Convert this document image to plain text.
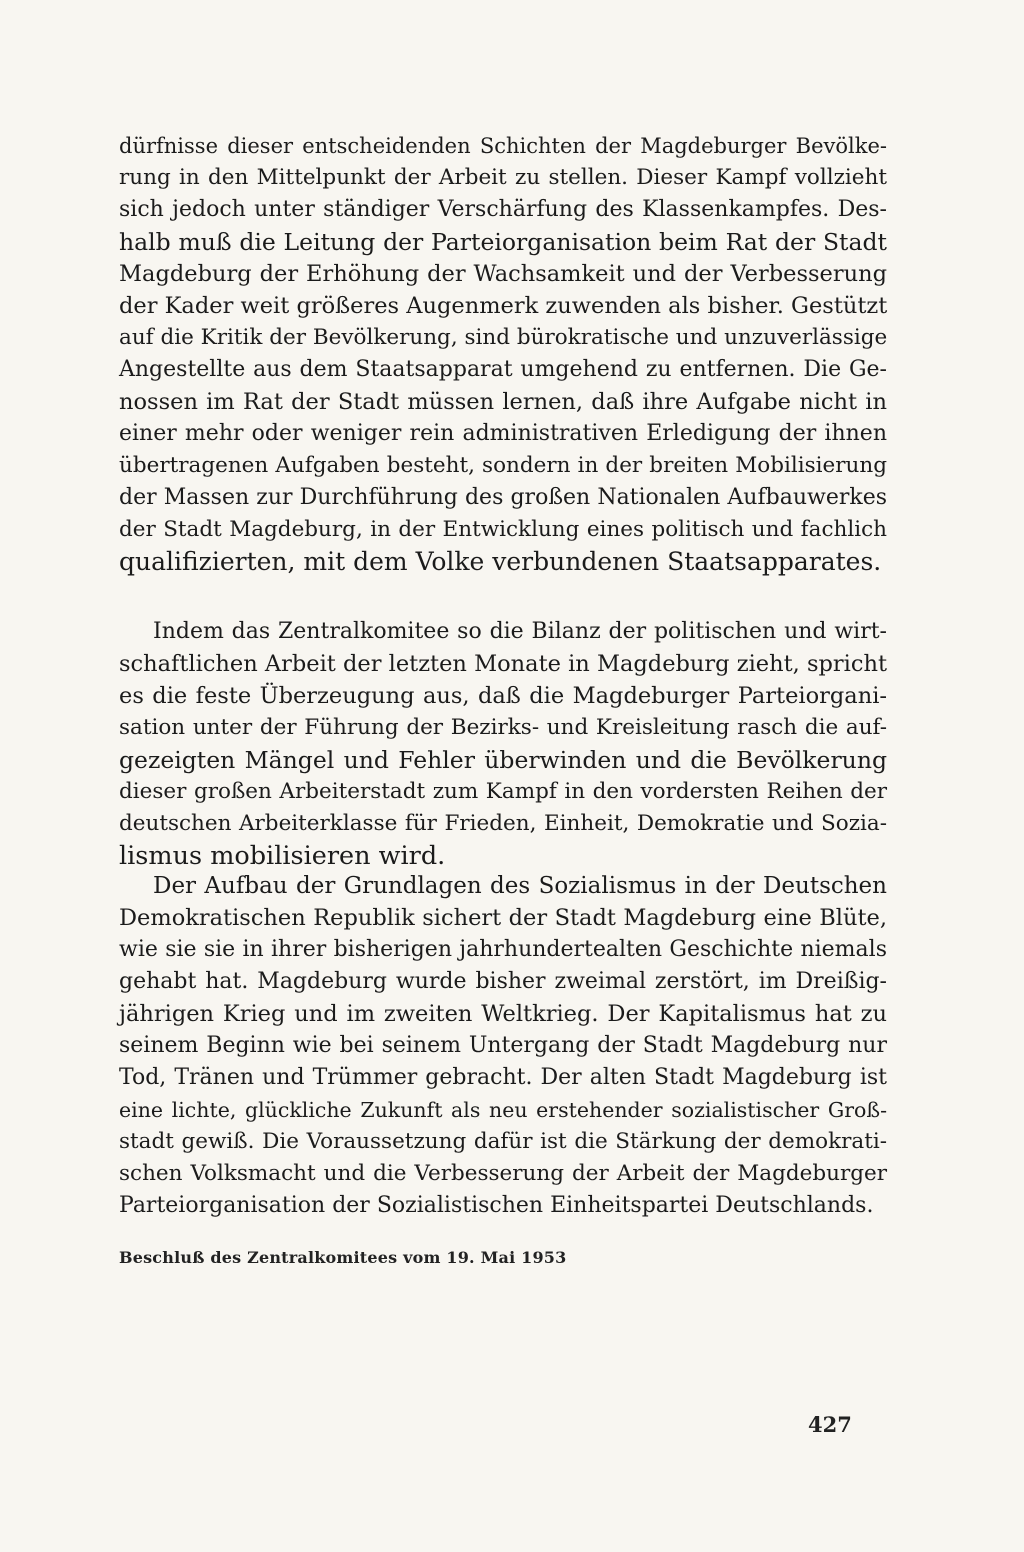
dürfnisse dieser entscheidenden Schichten der Magdeburger Bevölke-
rung in den Mittelpunkt der Arbeit zu stellen. Dieser Kampf vollzieht
sich jedoch unter ständiger Verschärfung des Klassenkampfes. Des-
halb muß die Leitung der Parteiorganisation beim Rat der Stadt
Magdeburg der Erhöhung der Wachsamkeit und der Verbesserung
der Kader weit größeres Augenmerk zuwenden als bisher. Gestützt
auf die Kritik der Bevölkerung, sind bürokratische und unzuverlässige
Angestellte aus dem Staatsapparat umgehend zu entfernen. Die Ge-
nossen im Rat der Stadt müssen lernen, daß ihre Aufgabe nicht in
einer mehr oder weniger rein administrativen Erledigung der ihnen
übertragenen Aufgaben besteht, sondern in der breiten Mobilisierung
der Massen zur Durchführung des großen Nationalen Aufbauwerkes
der Stadt Magdeburg, in der Entwicklung eines politisch und fachlich
qualifizierten, mit dem Volke verbundenen Staatsapparates.
Indem das Zentralkomitee so die Bilanz der politischen und wirt-
schaftlichen Arbeit der letzten Monate in Magdeburg zieht, spricht
es die feste Überzeugung aus, daß die Magdeburger Parteiorgani-
sation unter der Führung der Bezirks- und Kreisleitung rasch die auf-
gezeigten Mängel und Fehler überwinden und die Bevölkerung
dieser großen Arbeiterstadt zum Kampf in den vordersten Reihen der
deutschen Arbeiterklasse für Frieden, Einheit, Demokratie und Sozia-
lismus mobilisieren wird.
Der Aufbau der Grundlagen des Sozialismus in der Deutschen
Demokratischen Republik sichert der Stadt Magdeburg eine Blüte,
wie sie sie in ihrer bisherigen jahrhundertealten Geschichte niemals
gehabt hat. Magdeburg wurde bisher zweimal zerstört, im Dreißig-
jährigen Krieg und im zweiten Weltkrieg. Der Kapitalismus hat zu
seinem Beginn wie bei seinem Untergang der Stadt Magdeburg nur
Tod, Tränen und Trümmer gebracht. Der alten Stadt Magdeburg ist
eine lichte, glückliche Zukunft als neu erstehender sozialistischer Groß-
stadt gewiß. Die Voraussetzung dafür ist die Stärkung der demokrati-
schen Volksmacht und die Verbesserung der Arbeit der Magdeburger
Parteiorganisation der Sozialistischen Einheitspartei Deutschlands.
Beschluß des Zentralkomitees vom 19. Mai 1953
427
